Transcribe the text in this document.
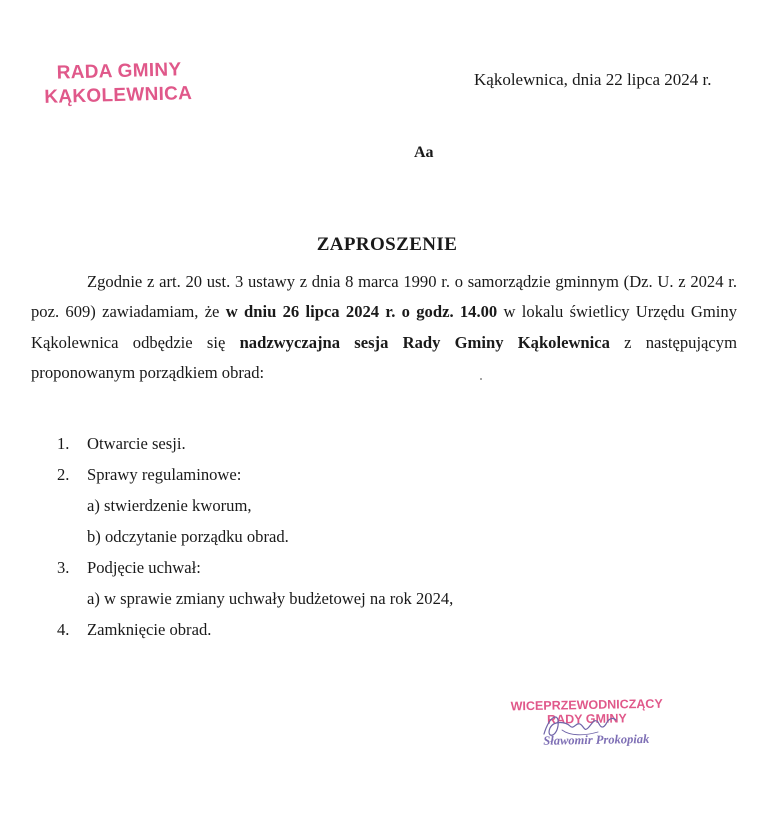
RADA GMINY
KĄKOLEWNICA
Kąkolewnica, dnia 22 lipca 2024 r.
Aa
ZAPROSZENIE
Zgodnie z art. 20 ust. 3 ustawy z dnia 8 marca 1990 r. o samorządzie gminnym (Dz. U. z 2024 r. poz. 609) zawiadamiam, że w dniu 26 lipca 2024 r. o godz. 14.00 w lokalu świetlicy Urzędu Gminy Kąkolewnica odbędzie się nadzwyczajna sesja Rady Gminy Kąkolewnica z następującym proponowanym porządkiem obrad:
1. Otwarcie sesji.
2. Sprawy regulaminowe:
a) stwierdzenie kworum,
b) odczytanie porządku obrad.
3. Podjęcie uchwał:
a) w sprawie zmiany uchwały budżetowej na rok 2024,
4. Zamknięcie obrad.
WICEPRZEWODNICZĄCY
RADY GMINY
Sławomir Prokopiak
